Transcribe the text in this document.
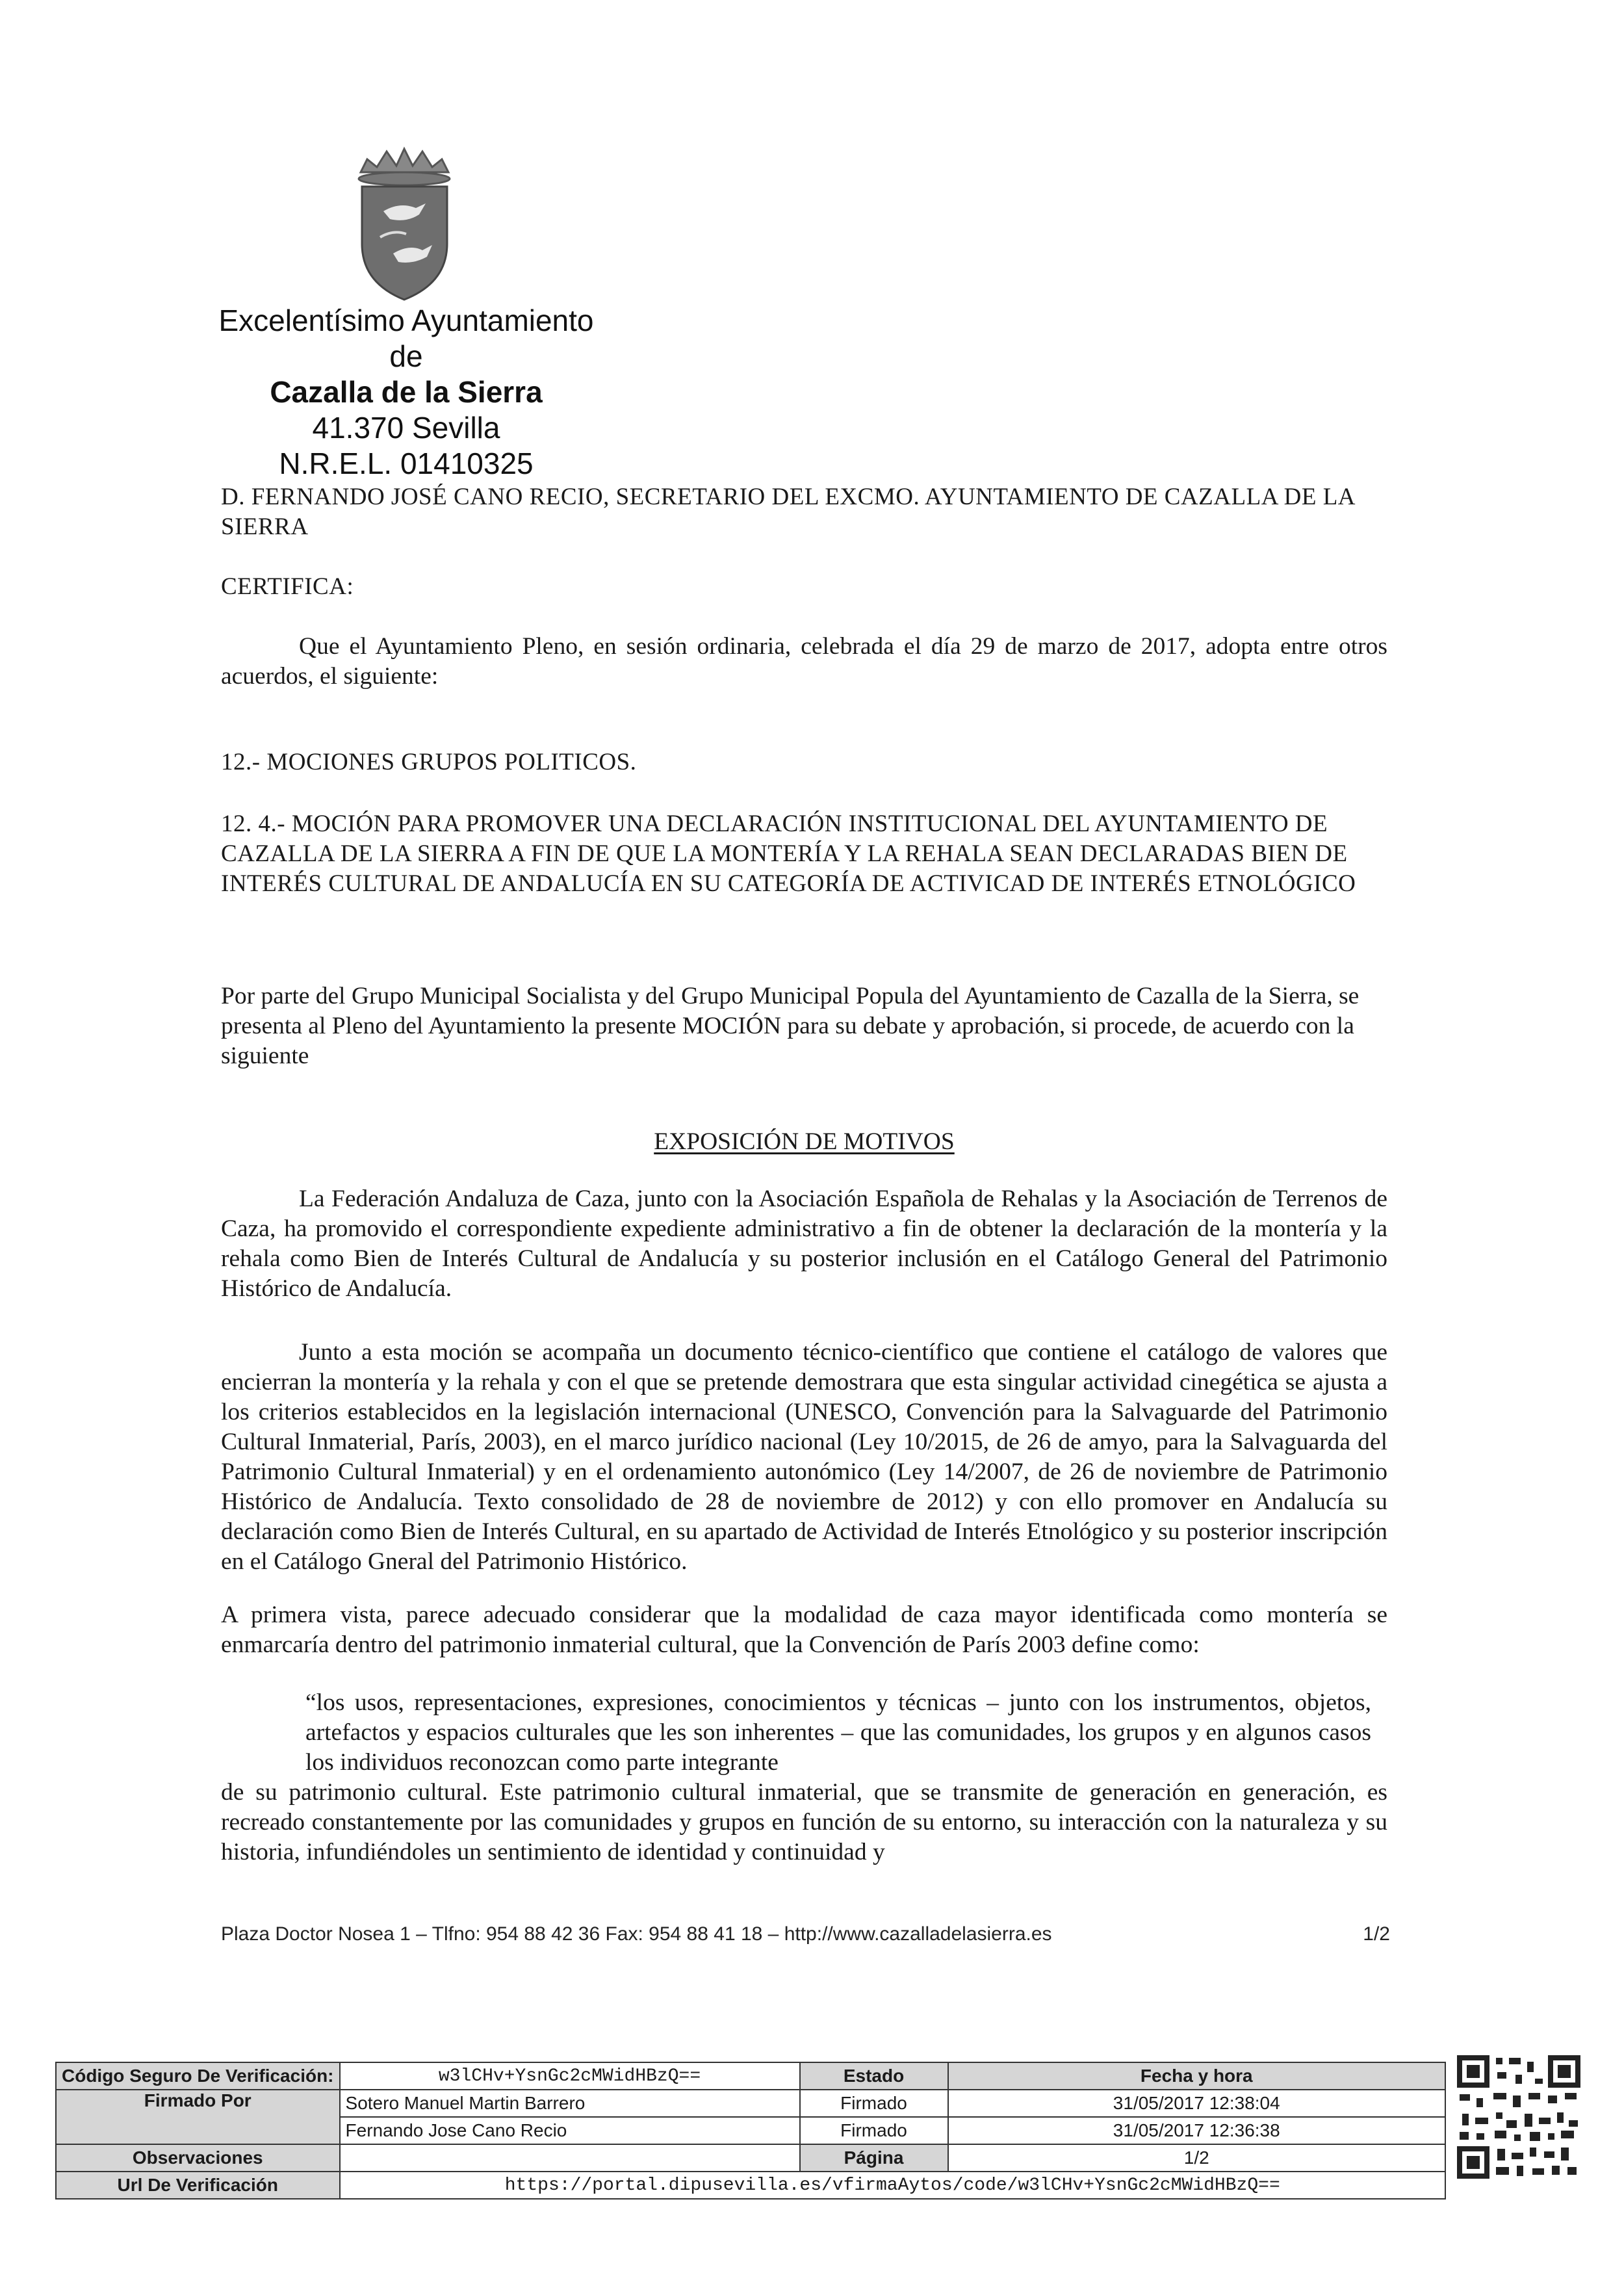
Excelentísimo Ayuntamiento
de
Cazalla de la Sierra
41.370 Sevilla
N.R.E.L. 01410325
D. FERNANDO JOSÉ CANO RECIO, SECRETARIO DEL EXCMO. AYUNTAMIENTO DE CAZALLA DE LA SIERRA
CERTIFICA:
Que el Ayuntamiento Pleno, en sesión ordinaria, celebrada el día 29 de marzo de 2017, adopta entre otros acuerdos, el siguiente:
12.- MOCIONES GRUPOS POLITICOS.
12. 4.- MOCIÓN PARA PROMOVER UNA DECLARACIÓN INSTITUCIONAL DEL AYUNTAMIENTO DE CAZALLA DE LA SIERRA A FIN DE QUE LA MONTERÍA Y LA REHALA SEAN DECLARADAS BIEN DE INTERÉS CULTURAL DE ANDALUCÍA EN SU CATEGORÍA DE ACTIVICAD DE INTERÉS ETNOLÓGICO
Por parte del Grupo Municipal Socialista y del Grupo Municipal Popula del Ayuntamiento de Cazalla de la Sierra, se presenta al Pleno del Ayuntamiento la presente MOCIÓN para su debate y aprobación, si procede, de acuerdo con la siguiente
EXPOSICIÓN DE MOTIVOS
La Federación Andaluza de Caza, junto con la Asociación Española de Rehalas y la Asociación de Terrenos de Caza, ha promovido el correspondiente expediente administrativo a fin de obtener la declaración de la montería y la rehala como Bien de Interés Cultural de Andalucía y su posterior inclusión en el Catálogo General del Patrimonio Histórico de Andalucía.
Junto a esta moción se acompaña un documento técnico-científico que contiene el catálogo de valores que encierran la montería y la rehala y con el que se pretende demostrara que esta singular actividad cinegética se ajusta a los criterios establecidos en la legislación internacional (UNESCO, Convención para la Salvaguarde del Patrimonio Cultural Inmaterial, París, 2003), en el marco jurídico nacional (Ley 10/2015, de 26 de amyo, para la Salvaguarda del Patrimonio Cultural Inmaterial) y en el ordenamiento autonómico (Ley 14/2007, de 26 de noviembre de Patrimonio Histórico de Andalucía. Texto consolidado de 28 de noviembre de 2012) y con ello promover en Andalucía su declaración como Bien de Interés Cultural, en su apartado de Actividad de Interés Etnológico y su posterior inscripción en el Catálogo Gneral del Patrimonio Histórico.
A primera vista, parece adecuado considerar que la modalidad de caza mayor identificada como montería se enmarcaría dentro del patrimonio inmaterial cultural, que la Convención de París 2003 define como:
“los usos, representaciones, expresiones, conocimientos y técnicas – junto con los instrumentos, objetos, artefactos y espacios culturales que les son inherentes – que las comunidades, los grupos y en algunos casos los individuos reconozcan como parte integrante
de su patrimonio cultural. Este patrimonio cultural inmaterial, que se transmite de generación en generación, es recreado constantemente por las comunidades y grupos en función de su entorno, su interacción con la naturaleza y su historia, infundiéndoles un sentimiento de identidad y continuidad y
Plaza Doctor Nosea 1 – Tlfno: 954 88 42 36 Fax: 954 88 41 18 – http://www.cazalladelasierra.es	1/2
Código Seguro De Verificación:	w3lCHv+YsnGc2cMWidHBzQ==	Estado	Fecha y hora
Firmado Por	Sotero Manuel Martin Barrero	Firmado	31/05/2017 12:38:04
	Fernando Jose Cano Recio	Firmado	31/05/2017 12:36:38
Observaciones		Página	1/2
Url De Verificación	https://portal.dipusevilla.es/vfirmaAytos/code/w3lCHv+YsnGc2cMWidHBzQ==		
